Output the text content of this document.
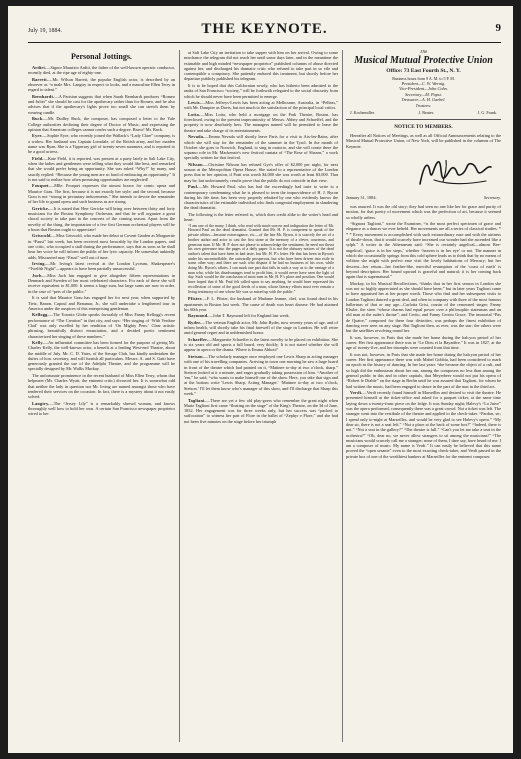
July 19, 1884.	THE KEYNOTE.	9
Personal Jottings.

Ardiri.—Signor Maurizio Arditi, the father of the well-known operatic conductor, recently died, at the ripe age of eighty-one.

Barrett.—Mr. Wilson Barrett, the popular English actor, is described by an observer as “a male Mrs. Langtry in respect to looks, and a masculine Ellen Terry in regard to talent.”

Bernhardt.—A Parisian suggests that when Sarah Bernhardt produces “Romeo and Juliet” she should be cast for the apothecary rather than for Romeo, and he also advises that if the apothecary's lights prove too small she can stretch them by wearing candle.

Buck.—Mr. Dudley Buck, the composer, has composed a letter to the Yale College authorities declining their degree of Doctor of Music, and expressing the opinion that American colleges cannot confer such a degree. Bravo! Mr. Buck.

Eyre.—Sophie Eyre, who recently joined the Wallack's “Lady Clare” company, is a widow. Her husband was Captain Lonsdale, of the British army, and her maiden name was Ryan. She is a Tipperary girl of twenty-seven summers, and is reported to be a good actress.

Field.—Kate Field, it is reported, was present at a party lately in Salt Lake City, when the ladies and gentlemen were telling what they would like best, and remarked that she would prefer being an opportunity. She was asked “Why?” by many, and saucily replied: “Because the young men are so fond of embracing an opportunity.” It is not said to realize how often promising opportunities are neglected!

Fouquet.—Mlle. Fouquet expresses the utmost horror for comic opera and Maurice Grau. The first, because it is not exactly her style; and the second, because Grau is not “strong in pecuniary inducements.” She intends to devote the remainder of her life to grand opera and such business as are strong.

Gericke.—It is stated that Herr Gericke will bring over between thirty and forty musicians for the Boston Symphony Orchestra, and that he will organize a great choral society to take part in the concerts of the coming season. Apart from the novelty of the thing, the importation of a few first German orchestral players will be a boon that Boston ought to appreciate!

Griswold.—Miss Griswold, who made her debut at Covent Garden as Marguerite in “Faust” last week, has been received most favorably by the London papers, and one critic, who occupied a stall during the performance, says that as soon as he shall hear her voice he will inform the public of her lyric capacity. He somewhat unkindly adds, Miscarried may “Faust” well out of tune.

Irving.—Mr. Irving's latest revival at the London Lyceum, Shakespeare's “Twelfth Night”—appears to have been partially unsuccessful.

Juch.—Miss Juch has engaged to give altogether fifteen representations in Denmark and Sweden of her most celebrated characters. For each of these she will receive equivalent to $1,000. It seems a large sum, but large sums are now in order, in the case of “pets of the public.”

It is said that Maurice Grau has engaged her for next year, when supported by Tietz, Banon, Capoul and Beaumar, Jr., she will undertake a lengthened tour in America under the auspices of this enterprising gentleman.

Kellogg.—The Toronto Globe speaks favorably of Miss Fanny Kellogg's recent performance of “The Creation” in that city, and says: “Her singing of ‘With Verdure Clad’ was only excelled by her rendition of ‘On Mighty Pens.’ Clear artistic phrasing, beautifully distinct enunciation, and a decided poetic sentiment characterized her singing of these numbers.”

Kelly.—An influential committee has been formed for the purpose of giving Mr. Charles Kelly, the well-known actor, a benefit at a leading West-end Theatre, about the middle of July. Mr. C. D. Yates, of the Savage Club, has kindly undertaken the duties of hon. secretary, and will furnish all particulars. Messrs. A. and S. Gatti have generously granted the use of the Adelphi Theatre, and the programme will be specially designed by Mr. Wallis Mackay.

The unfortunate prominence in the recent husband of Miss Ellen Terry, whom that helpmeet (Mr. Charles Wyatt, the eminent critic) divorced her. It is somewhat odd that neither the lady in question nor Mr. Irving are named amongst those who have tendered their services on the occasion. In fact, there is a mystery about it not easily solved.

Langtry.—The “Jersey Lily” is a remarkably shrewd woman, and knows thoroughly well how to hold her own. A certain San Francisco newspaper proprietor wired to her

at Salt Lake City an invitation to take supper with him on her arrival. Owing to some mischance the telegram did not reach her until some days later, and in the meantime the estimable and high minded “newspaper proprietor” published columns of abuse directed against her, and discharged his dramatic critic who refused to take part in so vile and contemptible a conspiracy. She patiently endured this treatment, but shortly before her departure publicly published his telegram.

It is to be hoped that this Californian rowdy, who has hitherto been admitted to the ranks of San Francisco “society,” will be forthwith relegated to the social obscurity from which he should never have been permitted to emerge.

Lewis.—Miss Jeffreys-Lewis has been acting at Melbourne, Australia, in “Pelleas,” with Mr. Dampier as Davis, but not much to the satisfaction of the principal local critics.

Lotta.—Miss Lotta, who held a mortgage on the Park Theatre, Boston, has foreclosed, owing to the present impecuniosity of Messrs. Abbey and Schoeffel, and the property is now absolutely hers. The managers named will be permitted to lease the theatre and take charge of its entertainments.

Nevada.—Emma Nevada will shortly leave Paris for a visit to Aix-les-Bains, after which she will stay for the remainder of the summer in the Tyrol. In the month of October she goes to Norwich, England, to sing in oratorio, and she will create there the soprano role in Mr. Mackenzie's new festival cantata of “The Rose of Sharon,” a work specially written for that festival.

Nilsson.—Christine Nilsson has refused Gye's offer of $2,000 per night, for next season at the Metropolitan Opera House. She stated to a representative of the London press that in her opinion, if Patti was worth $4,000 she was worth at least $3,000. That may be, but unfortunately, results prove that the public do not coincide in that view.

Paul.—Mr. Howard Paul, who has had the exceedingly bad taste to write to a contemporary condemning what he is pleased to term the improvidence of H. J. Byron during his life time, has been very properly rebuked by one who evidently knows the characteristics of the estimable individual who finds congenial employment in slandering the dead dramatist.

The following is the letter referred to, which does credit alike to the writer's head and heart:

“I am one of the many, I think, who read with much sorrow and indignation the letter of Mr. Howard Paul on the dead dramatist. Granted that Mr. H. P. is competent to speak of the private affairs—because extravagance, etc.—of the late Mr. Byron, it is scarcely the act of a brother author and actor to cast the first stone at the memory of a clever, courteous, and generous man. If Mr. H. P. does not please to acknowledge the sentiment, he need not thrust his own grievance into the pages of a daily paper. It is not the obituary notices of the dead author's talent that have been in bad taste, but Mr. H. P.'s letter. He that has been in Byron's under his uncontrollable, the outwardly prosperous, but who have been driven into exile in some other way; and there are such who dispute if he had no business of his own, while doing Mr. Byron's affairs. I can mark one part that fails in such a way as to the vantage of a man who, while his disadvantages tend to profit him, it would never have seen the light of day. Such would be the conclusion of most men in Mr. H. P.'s place and position. One would have hoped that if Mr. Paul felt called upon to say anything, he would have expressed his recollection of some of the good deeds of a man, whose literary efforts must ever remain a living testimony of one whose life was so mixed up with the public.”

Pfister.—F. L. Pfister, the husband of Madame Jeanne, chef, was found dead in his apartments in Boston last week. The cause of death was heart disease. He had attained his 60th year.

Raymond.—John T. Raymond left for England last week.

Ryder.—The veteran English actor, Mr. John Ryder, now seventy years of age, and of infirm health, will shortly take his final farewell of the stage in London. He will retire amid general regret and in unblemished honor.

Schaeffer.—Marguerite Schaeffer is the latest novelty to be placed on exhibition. She is six years old and sports a full beard, very thickly. It is not stated whether she will appear in opera or the drama. Where is Emma Abbott?

Stetson.—The scholarly manager once employed one Lewis Sharp as acting manager with one of his travelling companies. Arriving in town one morning he saw a large board in front of the theatre which had painted on it, “Matinee to-day at two o'clock, sharp.” Stetson looked at it a minute, and eager gradually taking possession of him. “Another of 'em,” he said, “who wants to make himself one of the show. Here, you take that sign and at the bottom write 'Lewis Sharp, Acting Manager.' ‘Matinee to-day at two o'clock, Stetson.’ I'll let them know who's manager of this show, and I'll discharge that Sharp this week.”

Tagliani.—There are yet a few old play-goers who remember the great night when Marie Taglioni first came “floating on the stage” of the King's Theatre, on the 3d of June, 1832. Her engagement was for three weeks only, but her success was “packed to suffocation” to witness her part of Flore in the ballet of “Zephyr e Flore,” and she had not been five minutes on the stage before her triumph

The
Musical Mutual Protective Union
Office: 73 East Fourth St., N. Y.
Business hours from 9 A. M. to 5 P. M.
President—C. W. Wernig.
Vice-President—John Cohn.
Secretary—M. Papst.
Treasurer—A. H. Gaebel.
Trustees:
J. Kochemiller.	J. Beuter.	J. G. Frank.
NOTICE TO MEMBERS.

Hereafter all Notices of Meetings, as well as all Official Announcements relating to the Musical Mutual Protective Union, of New York, will be published in the columns of The Keynote.

January 31, 1884.	Secretary.

was assured. It was the old story; they had seen no one like her for grace and purity of motion, for that poetry of movement which was the perfection of art, because it seemed so wholly artless.

“Signora Taglioni,” wrote the Examiner, “is the most perfect specimen of grace and elegance as a dancer we ever beheld. Her movements are all a series of classical studies. * * * Every movement is accomplished with such extraordinary ease and with the airiness of thistle-down, that it would scarcely have increased our wonder had she ascended like a sylph.” A writer in the Athenaeum said: “She is certainly angelical—almost Bee-angelical; ‘grace is in her steps,’ whether ‘heaven is in her eye’ or not. The manner in which she occasionally springs from this cold sphere leads us to think that by no means of volition she might with perfect ease visit the lovely habitations of Mercury; but her descent—her return—her feather-like, merciful resumption of the ‘coast of earth’ is beyond description. Her bound upward is graceful and natural; it is her coming back again that is supernatural.”

Mackay, in his Musical Recollections, “thinks that in her first season in London she was not so highly appreciated as she should have been;” but in later years Taglioni came to have appraised her at her proper worth. Those who find and her subsequent visits to London Taglioni danced a great deal, and often in company with three of the most famous ballerinas of that or any age—Carlotta Grisi, cousin of the renowned singer; Fanny Elssler, the siren “whose charms had equal power over a philosophic statesman and an old man at the ruder's throne”; and Cerito, and Fanny Cerrito Grace. The immortal “Pas de Quatre,” composed for these four divinities, was perhaps the finest exhibition of dancing ever seen on any stage. But Taglioni then, as ever, was the star; the others were but the satellites revolving round her.

It was, however, in Paris that she made her home during the halcyon period of her career. Her first appearance there was in “Le Dieu et la Bayadère.” It was in 1827, at the age of twenty-five, and her triumphs were counted from that time.

It was not, however, in Paris that she made her home during the halcyon period of her career. Her first appearance there was with Mabel Gobbia, had been considered to mark an epoch in the history of dancing. In her last years “she became the object of a cult, and so high did the enthusiasm about her run, among the composers no less than among the general public in this and in other capitals, that Meyerbeer would not put his opera of “Robert le Diable” on the stage in Berlin until he was assured that Taglioni, for whom he had written the music, had been engaged to dance in the part of the nun in the third act.

Verdi.—Verdi recently found himself in Marseilles and desired to visit the theatre. He presented himself at the ticket-office and asked for a parquet ticket, at the same time laying down a twenty-franc piece on the ledge. It was Sunday night; Halevy's “La Juive” was the opera performed, consequently there was a great crowd. Not a ticket was left. The stranger went into the vestibule of the theatre and applied to the check-taker. “Pardon, sir; I spend only to-night at Marseilles, and would be very glad to see Halevy's opera.” “My dear sir, there is not a seat left.” “Not a place at the back of some box?” “Indeed, there is not.” “Not a seat in the gallery?” “The theatre is full.” “Can't you let me take a seat in the orchestra?” “Oh, dear no, we never allow strangers to sit among the musicians!” “The musicians would scarcely call me a stranger; none of them, I dare say, have heard of me. I am a composer of music. My name is Verdi.” It can easily be believed that this name proved the “open sesame” even to the most exacting check-taker, and Verdi passed in the private box of one of the wealthiest bankers at Marseilles for the eminent composer.
